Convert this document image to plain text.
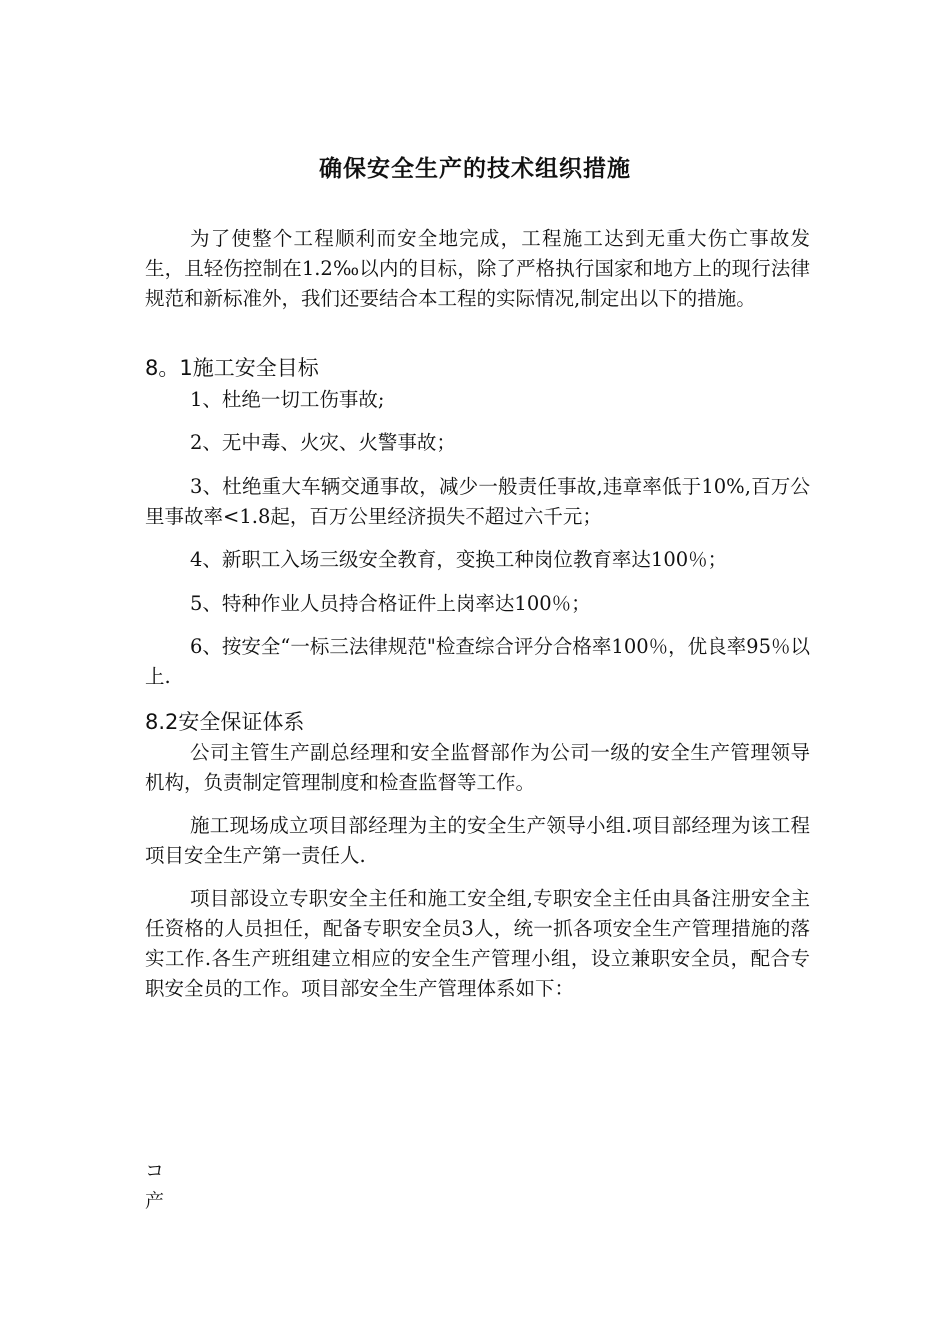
确保安全生产的技术组织措施

为了使整个工程顺利而安全地完成，工程施工达到无重大伤亡事故发生，且轻伤控制在1.2‰以内的目标，除了严格执行国家和地方上的现行法律规范和新标准外，我们还要结合本工程的实际情况,制定出以下的措施。

8。1施工安全目标

1、杜绝一切工伤事故;

2、无中毒、火灾、火警事故；

3、杜绝重大车辆交通事故，减少一般责任事故,违章率低于10%,百万公里事故率<1.8起，百万公里经济损失不超过六千元；

4、新职工入场三级安全教育，变换工种岗位教育率达100％；

5、特种作业人员持合格证件上岗率达100％；

6、按安全“一标三法律规范"检查综合评分合格率100％，优良率95％以上.

8.2安全保证体系

公司主管生产副总经理和安全监督部作为公司一级的安全生产管理领导机构，负责制定管理制度和检查监督等工作。

施工现场成立项目部经理为主的安全生产领导小组.项目部经理为该工程项目安全生产第一责任人.

项目部设立专职安全主任和施工安全组,专职安全主任由具备注册安全主任资格的人员担任，配备专职安全员3人，统一抓各项安全生产管理措施的落实工作.各生产班组建立相应的安全生产管理小组，设立兼职安全员，配合专职安全员的工作。项目部安全生产管理体系如下：

コ
产
